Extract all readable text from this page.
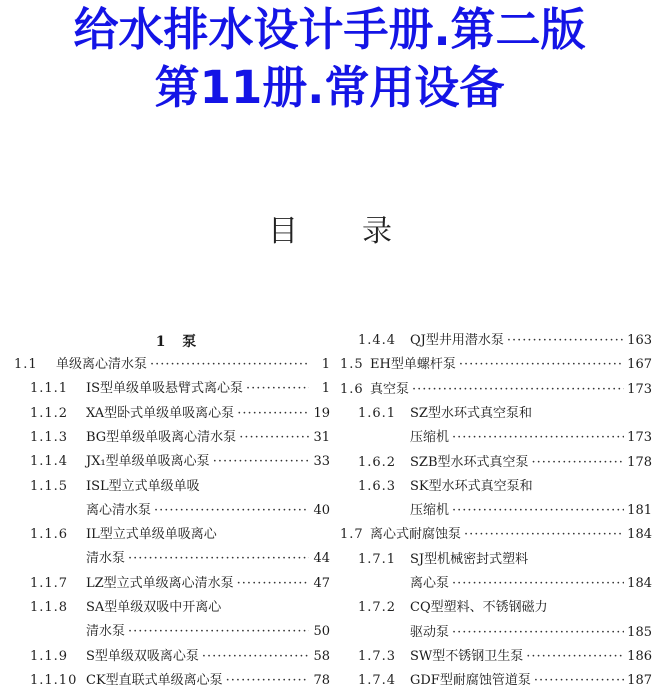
给水排水设计手册.第二版
第11册.常用设备
目录
1 泵
1.1	单级离心清水泵 ·····	1
1.1.1	IS型单级单吸悬臂式离心泵 ·····	1
1.1.2	XA型卧式单级单吸离心泵 ·····	19
1.1.3	BG型单级单吸离心清水泵 ·····	31
1.1.4	JX₁型单级单吸离心泵 ·····	33
1.1.5	ISL型立式单级单吸
离心清水泵 ·····	40
1.1.6	IL型立式单级单吸离心
清水泵 ·····	44
1.1.7	LZ型立式单级离心清水泵 ·····	47
1.1.8	SA型单级双吸中开离心
清水泵 ·····	50
1.1.9	S型单级双吸离心泵 ·····	58
1.1.10 CK型直联式单级离心泵 ·····	78
1.4.4	QJ型井用潜水泵 ·····	163
1.5 EH型单螺杆泵 ·····	167
1.6 真空泵 ·····	173
1.6.1	SZ型水环式真空泵和
压缩机 ·····	173
1.6.2	SZB型水环式真空泵 ·····	178
1.6.3	SK型水环式真空泵和
压缩机 ·····	181
1.7 离心式耐腐蚀泵 ·····	184
1.7.1	SJ型机械密封式塑料
离心泵 ·····	184
1.7.2	CQ型塑料、不锈钢磁力
驱动泵 ·····	185
1.7.3	SW型不锈钢卫生泵 ·····	186
1.7.4	GDF型耐腐蚀管道泵 ·····	187
